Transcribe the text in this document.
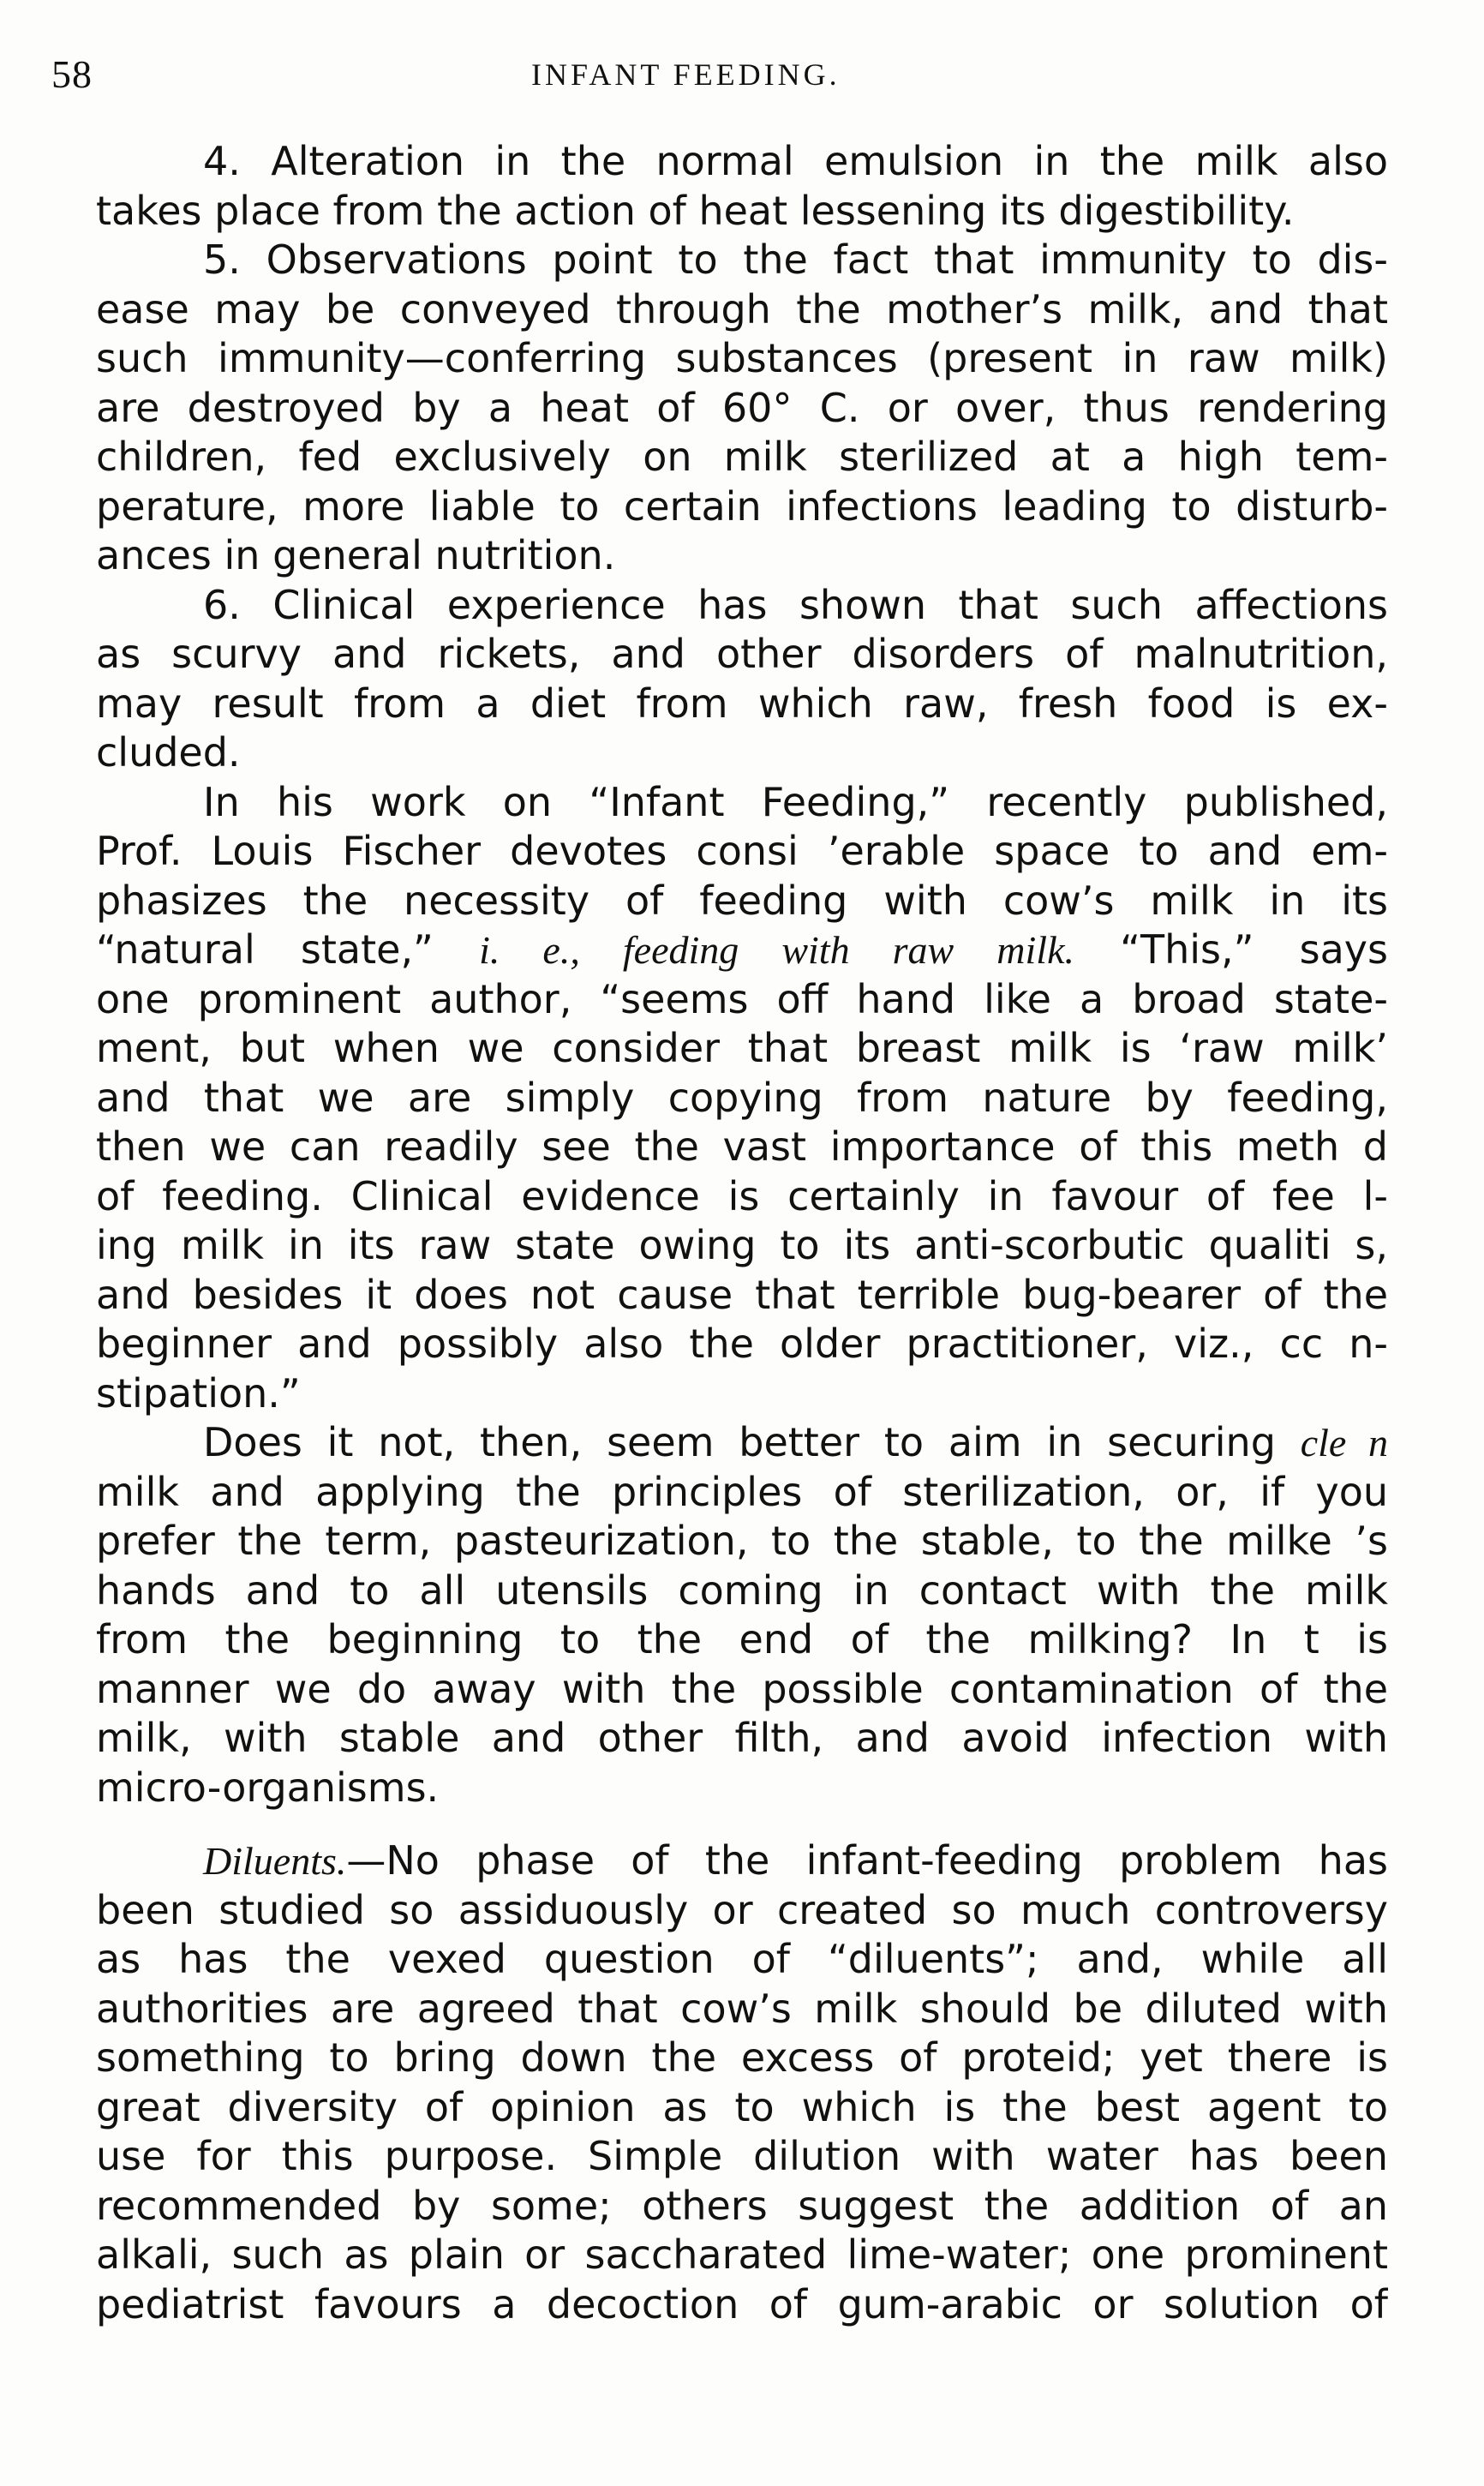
58	INFANT FEEDING.

4. Alteration in the normal emulsion in the milk also
takes place from the action of heat lessening its digestibility.

5. Observations point to the fact that immunity to dis-
ease may be conveyed through the mother’s milk, and that
such immunity—conferring substances (present in raw milk)
are destroyed by a heat of 60° C. or over, thus rendering
children, fed exclusively on milk sterilized at a high tem-
perature, more liable to certain infections leading to disturb-
ances in general nutrition.

6. Clinical experience has shown that such affections
as scurvy and rickets, and other disorders of malnutrition,
may result from a diet from which raw, fresh food is ex-
cluded.

In his work on “Infant Feeding,” recently published,
Prof. Louis Fischer devotes consi ’erable space to and em-
phasizes the necessity of feeding with cow’s milk in its
“natural state,” i. e., feeding with raw milk. “This,” says
one prominent author, “seems off hand like a broad state-
ment, but when we consider that breast milk is ‘raw milk’
and that we are simply copying from nature by feeding,
then we can readily see the vast importance of this meth d
of feeding. Clinical evidence is certainly in favour of fee l-
ing milk in its raw state owing to its anti-scorbutic qualiti s,
and besides it does not cause that terrible bug-bearer of the
beginner and possibly also the older practitioner, viz., cc n-
stipation.”

Does it not, then, seem better to aim in securing cle n
milk and applying the principles of sterilization, or, if you
prefer the term, pasteurization, to the stable, to the milke ’s
hands and to all utensils coming in contact with the milk
from the beginning to the end of the milking? In t is
manner we do away with the possible contamination of the
milk, with stable and other filth, and avoid infection with
micro-organisms.

Diluents.—No phase of the infant-feeding problem has
been studied so assiduously or created so much controversy
as has the vexed question of “diluents”; and, while all
authorities are agreed that cow’s milk should be diluted with
something to bring down the excess of proteid; yet there is
great diversity of opinion as to which is the best agent to
use for this purpose. Simple dilution with water has been
recommended by some; others suggest the addition of an
alkali, such as plain or saccharated lime-water; one prominent
pediatrist favours a decoction of gum-arabic or solution of
